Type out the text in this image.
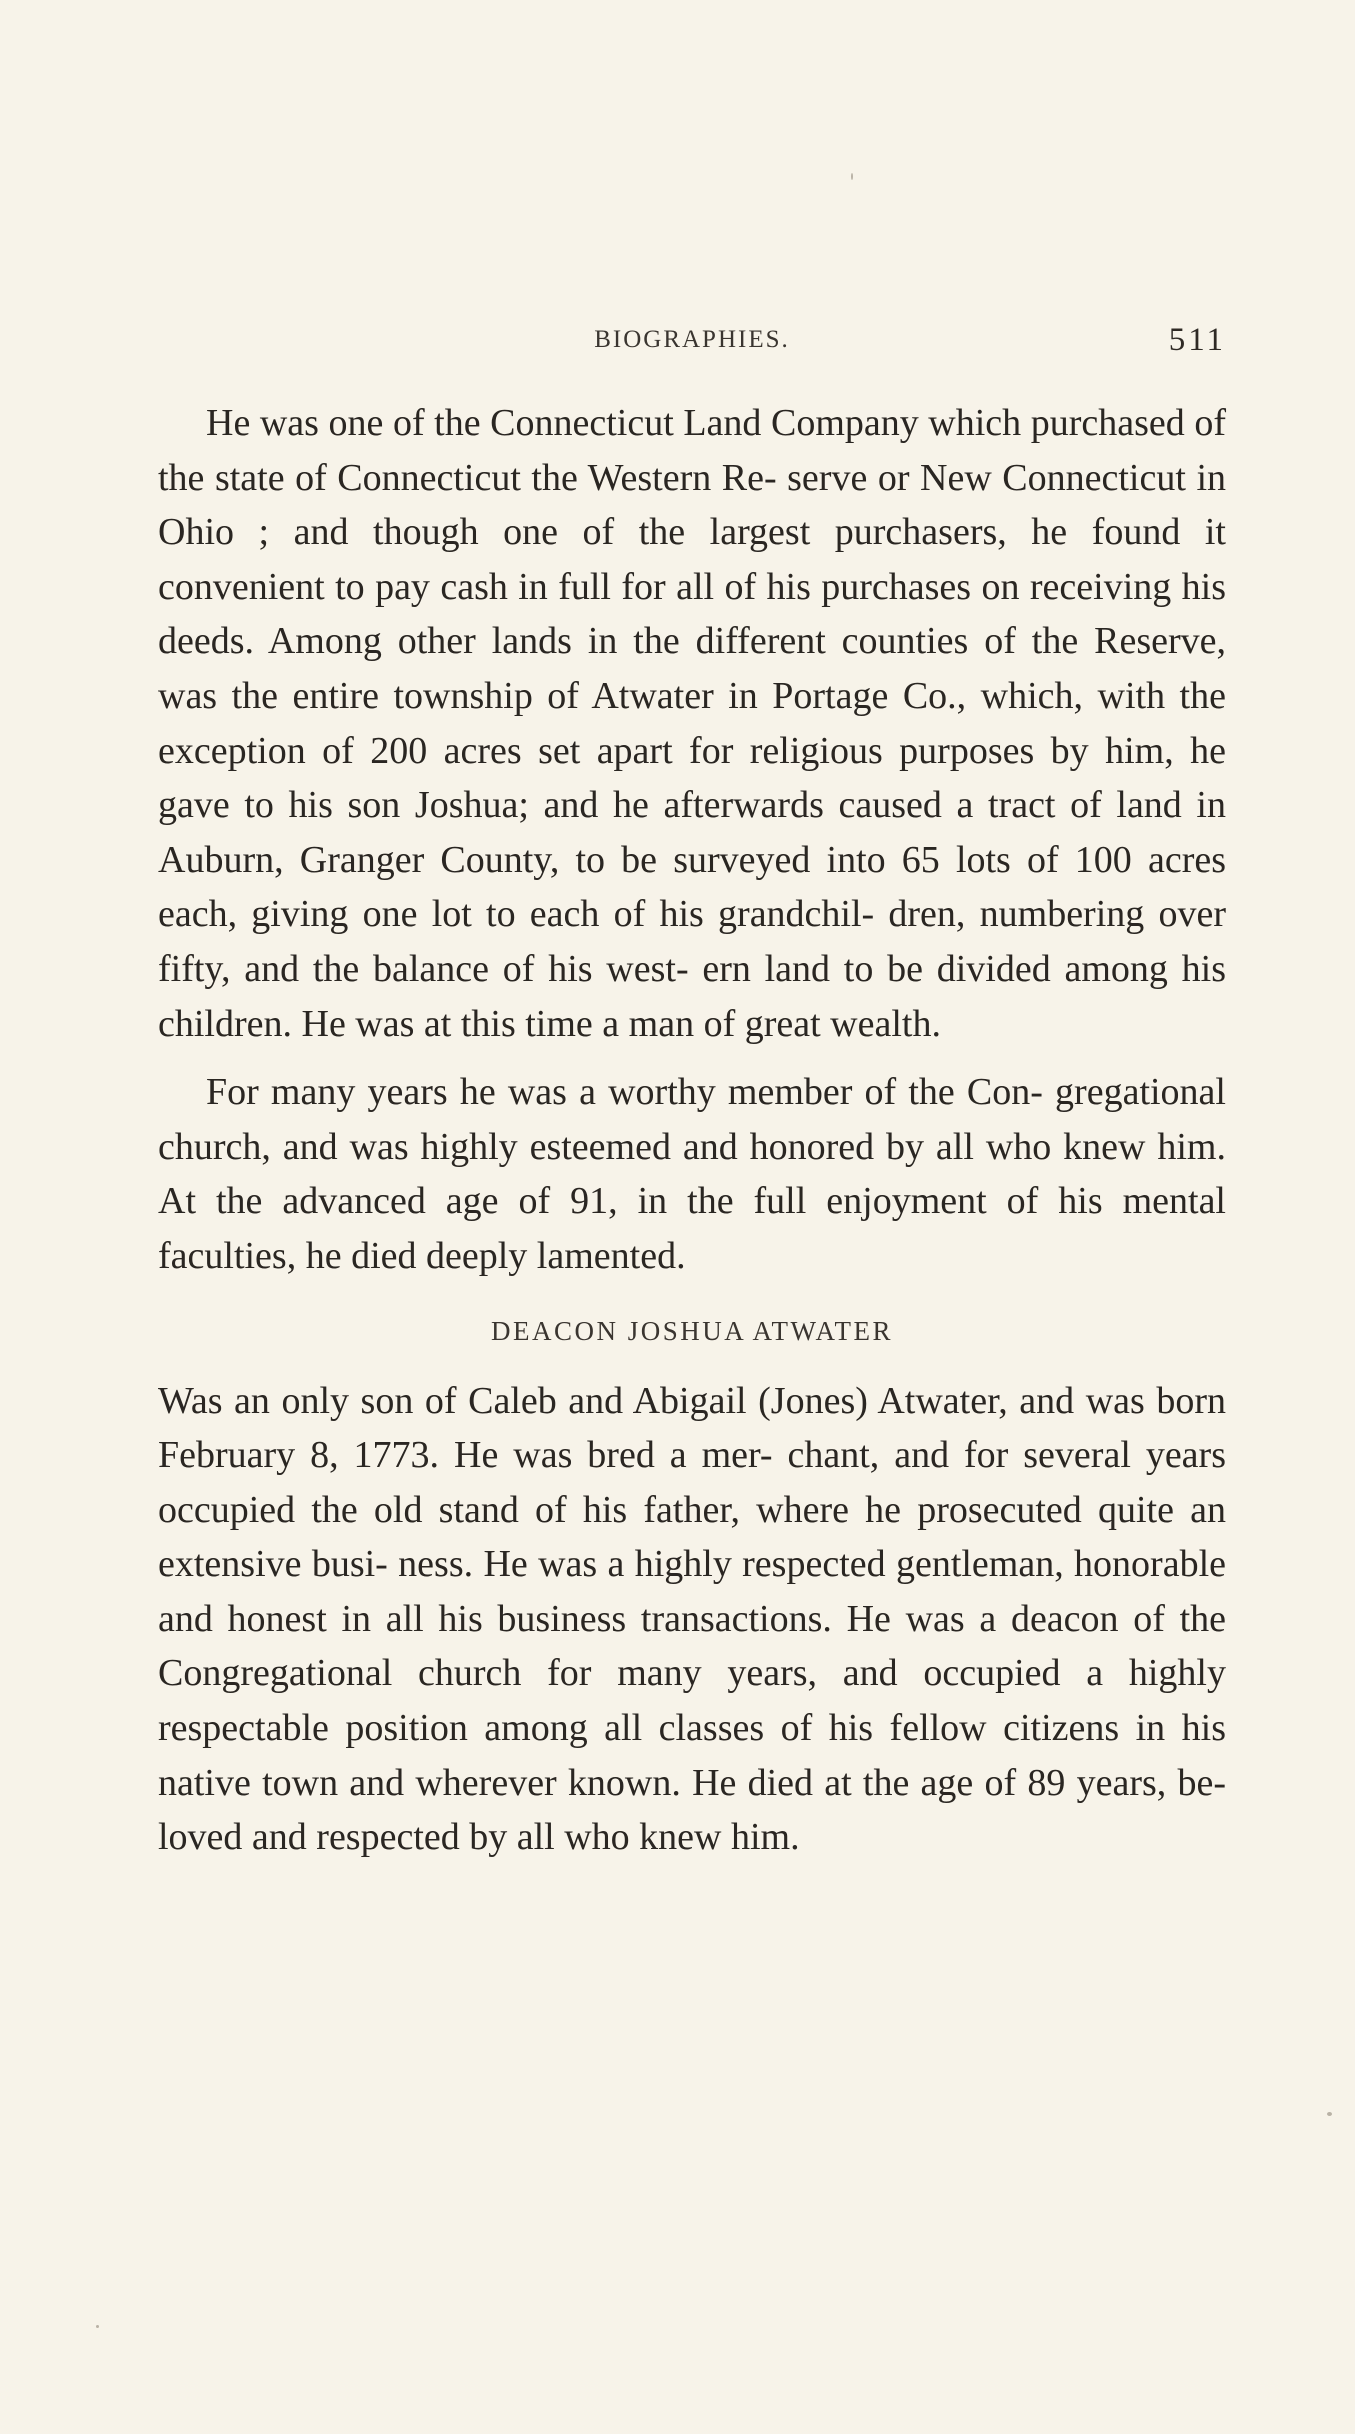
BIOGRAPHIES.	511

He was one of the Connecticut Land Company which purchased of the state of Connecticut the Western Re- serve or New Connecticut in Ohio ; and though one of the largest purchasers, he found it convenient to pay cash in full for all of his purchases on receiving his deeds. Among other lands in the different counties of the Reserve, was the entire township of Atwater in Portage Co., which, with the exception of 200 acres set apart for religious purposes by him, he gave to his son Joshua; and he afterwards caused a tract of land in Auburn, Granger County, to be surveyed into 65 lots of 100 acres each, giving one lot to each of his grandchil- dren, numbering over fifty, and the balance of his west- ern land to be divided among his children. He was at this time a man of great wealth.

For many years he was a worthy member of the Con- gregational church, and was highly esteemed and honored by all who knew him. At the advanced age of 91, in the full enjoyment of his mental faculties, he died deeply lamented.

DEACON JOSHUA ATWATER

Was an only son of Caleb and Abigail (Jones) Atwater, and was born February 8, 1773. He was bred a mer- chant, and for several years occupied the old stand of his father, where he prosecuted quite an extensive busi- ness. He was a highly respected gentleman, honorable and honest in all his business transactions. He was a deacon of the Congregational church for many years, and occupied a highly respectable position among all classes of his fellow citizens in his native town and wherever known. He died at the age of 89 years, be- loved and respected by all who knew him.
